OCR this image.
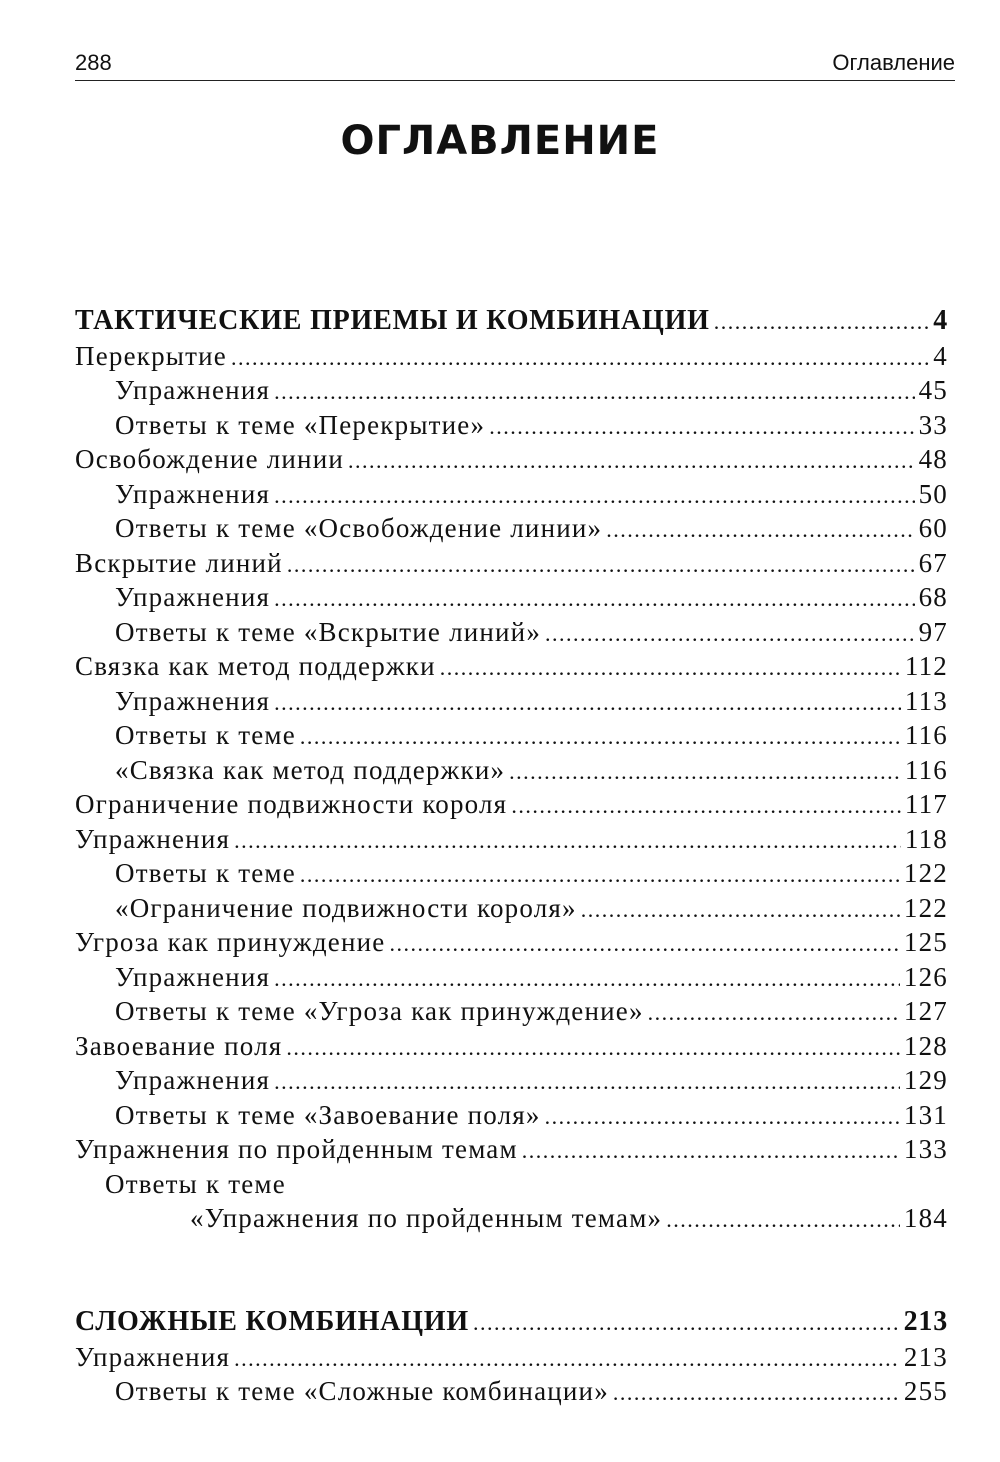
288	Оглавление
ОГЛАВЛЕНИЕ
ТАКТИЧЕСКИЕ ПРИЕМЫ И КОМБИНАЦИИ .....	4
Перекрытие .....	4
Упражнения .....	45
Ответы к теме «Перекрытие» .....	33
Освобождение линии .....	48
Упражнения .....	50
Ответы к теме «Освобождение линии» .....	60
Вскрытие линий .....	67
Упражнения .....	68
Ответы к теме «Вскрытие линий» .....	97
Связка как метод поддержки .....	112
Упражнения .....	113
Ответы к теме .....	116
«Связка как метод поддержки» .....	116
Ограничение подвижности короля .....	117
Упражнения .....	118
Ответы к теме .....	122
«Ограничение подвижности короля» .....	122
Угроза как принуждение .....	125
Упражнения .....	126
Ответы к теме «Угроза как принуждение» .....	127
Завоевание поля .....	128
Упражнения .....	129
Ответы к теме «Завоевание поля» .....	131
Упражнения по пройденным темам .....	133
Ответы к теме
«Упражнения по пройденным темам» .....	184
СЛОЖНЫЕ КОМБИНАЦИИ .....	213
Упражнения .....	213
Ответы к теме «Сложные комбинации» .....	255
